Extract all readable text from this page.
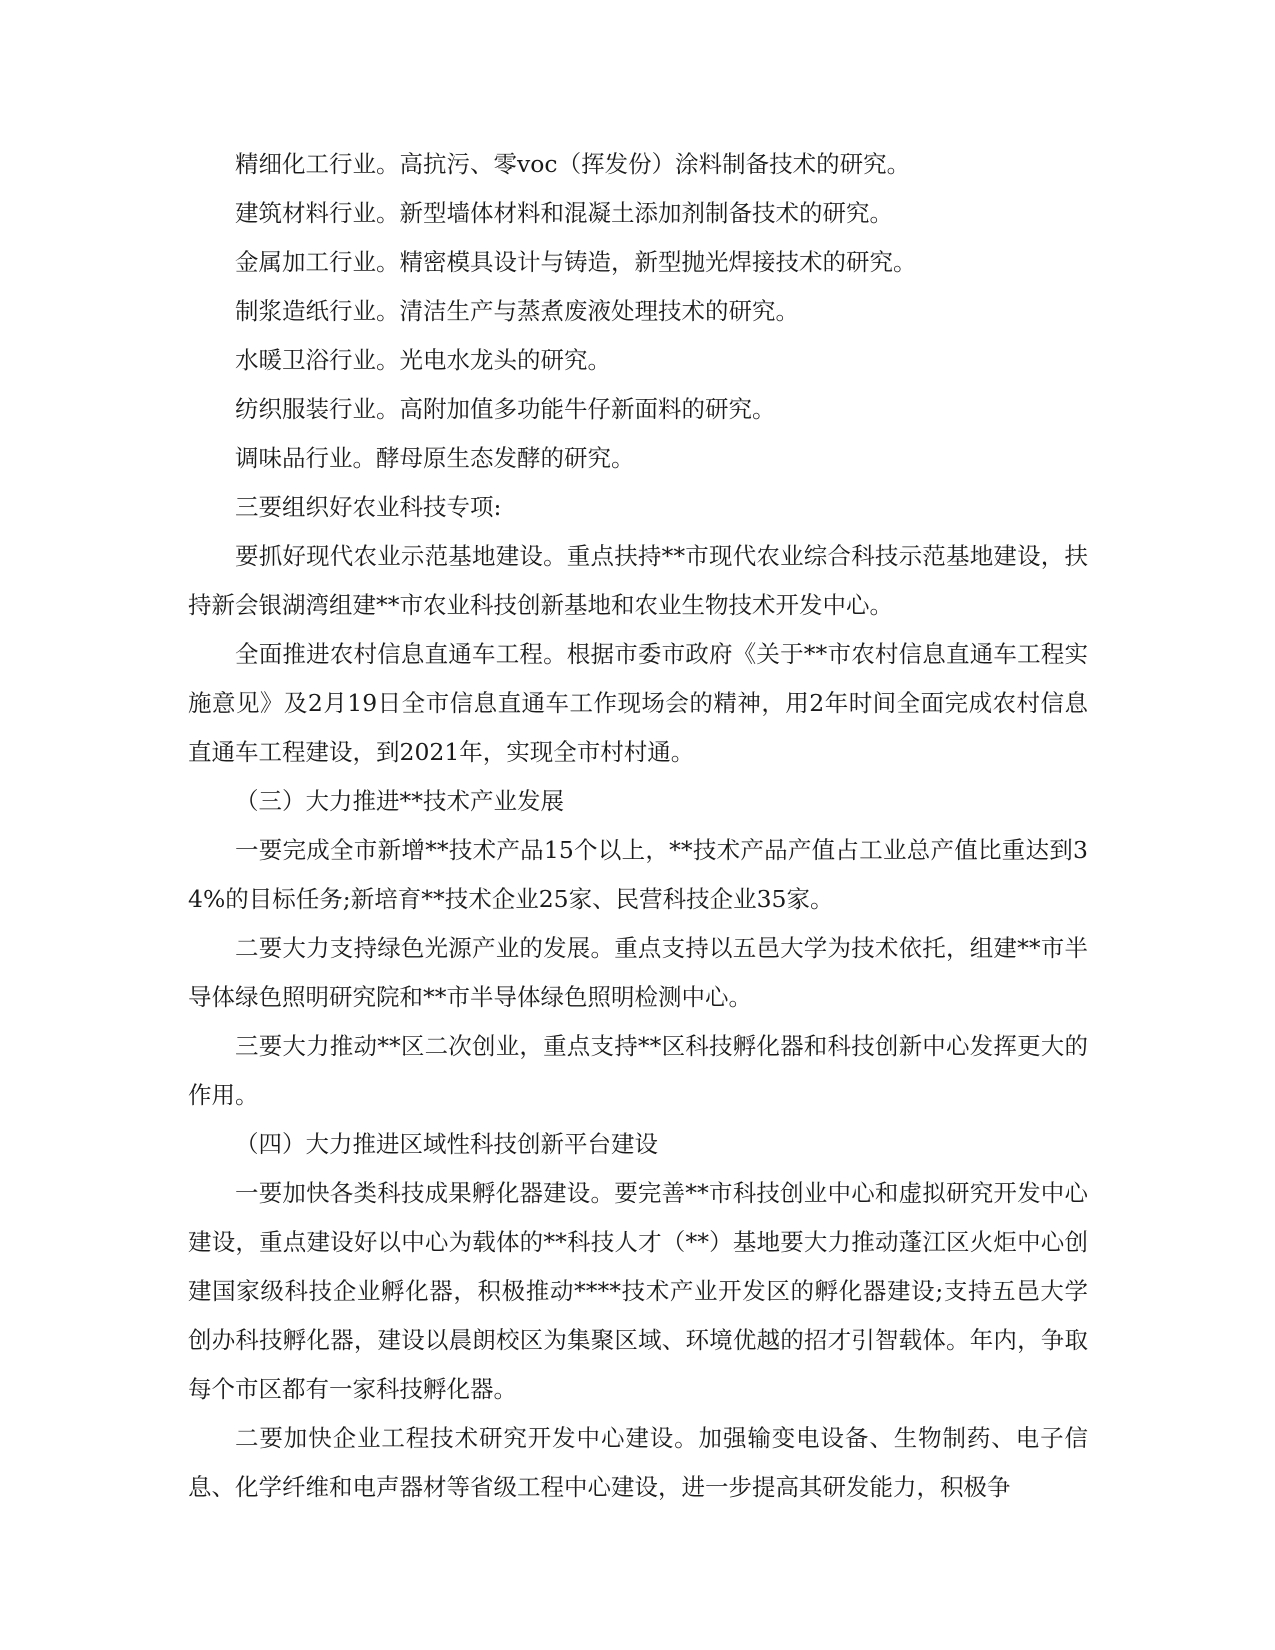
精细化工行业。高抗污、零voc（挥发份）涂料制备技术的研究。

建筑材料行业。新型墙体材料和混凝土添加剂制备技术的研究。

金属加工行业。精密模具设计与铸造，新型抛光焊接技术的研究。

制浆造纸行业。清洁生产与蒸煮废液处理技术的研究。

水暖卫浴行业。光电水龙头的研究。

纺织服装行业。高附加值多功能牛仔新面料的研究。

调味品行业。酵母原生态发酵的研究。

三要组织好农业科技专项:

要抓好现代农业示范基地建设。重点扶持**市现代农业综合科技示范基地建设，扶持新会银湖湾组建**市农业科技创新基地和农业生物技术开发中心。

全面推进农村信息直通车工程。根据市委市政府《关于**市农村信息直通车工程实施意见》及2月19日全市信息直通车工作现场会的精神，用2年时间全面完成农村信息直通车工程建设，到2021年，实现全市村村通。

（三）大力推进**技术产业发展

一要完成全市新增**技术产品15个以上，**技术产品产值占工业总产值比重达到34%的目标任务;新培育**技术企业25家、民营科技企业35家。

二要大力支持绿色光源产业的发展。重点支持以五邑大学为技术依托，组建**市半导体绿色照明研究院和**市半导体绿色照明检测中心。

三要大力推动**区二次创业，重点支持**区科技孵化器和科技创新中心发挥更大的作用。

（四）大力推进区域性科技创新平台建设

一要加快各类科技成果孵化器建设。要完善**市科技创业中心和虚拟研究开发中心建设，重点建设好以中心为载体的**科技人才（**）基地要大力推动蓬江区火炬中心创建国家级科技企业孵化器，积极推动****技术产业开发区的孵化器建设;支持五邑大学创办科技孵化器，建设以晨朗校区为集聚区域、环境优越的招才引智载体。年内，争取每个市区都有一家科技孵化器。

二要加快企业工程技术研究开发中心建设。加强输变电设备、生物制药、电子信息、化学纤维和电声器材等省级工程中心建设，进一步提高其研发能力，积极争
